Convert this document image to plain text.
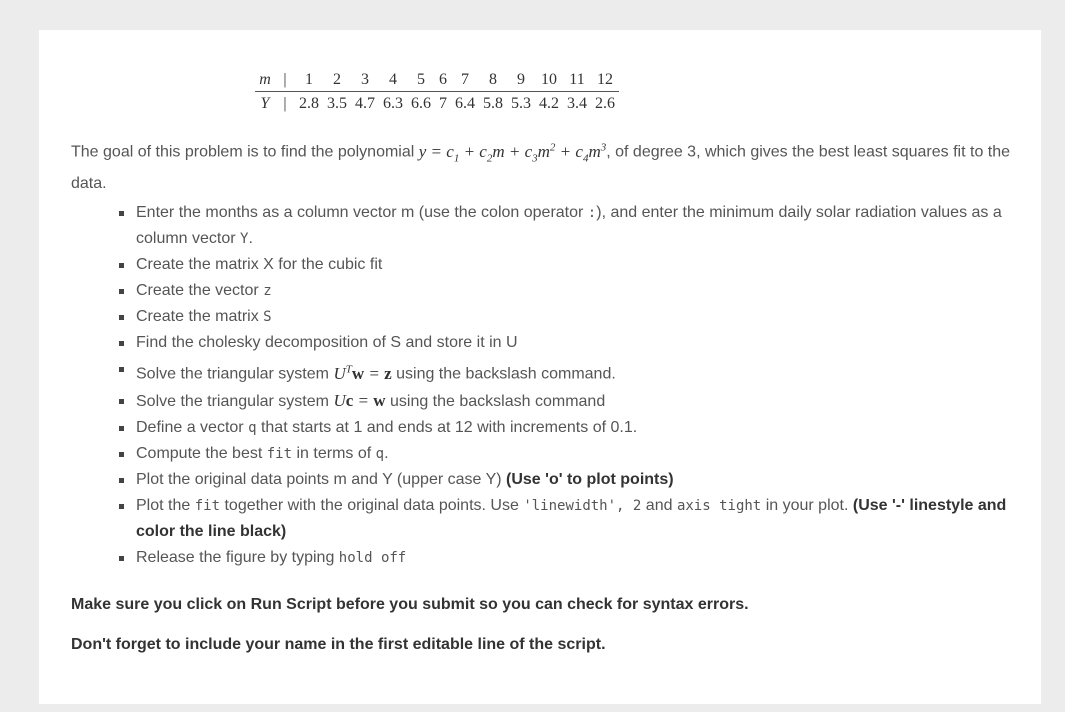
m	|	1	2	3	4	5	6	7	8	9	10	11	12
Y	|	2.8	3.5	4.7	6.3	6.6	7	6.4	5.8	5.3	4.2	3.4	2.6
The goal of this problem is to find the polynomial $y = c_1 + c_2m + c_3m^2 + c_4m^3$, of degree 3, which gives the best least squares fit to the data.
Enter the months as a column vector m (use the colon operator :), and enter the minimum daily solar radiation values as a column vector Y.
Create the matrix X for the cubic fit
Create the vector z
Create the matrix S
Find the cholesky decomposition of S and store it in U
Solve the triangular system $U^Tw = z$ using the backslash command.
Solve the triangular system Uc = w using the backslash command
Define a vector q that starts at 1 and ends at 12 with increments of 0.1.
Compute the best fit in terms of q.
Plot the original data points m and Y (upper case Y) (Use 'o' to plot points)
Plot the fit together with the original data points. Use 'linewidth', 2 and axis tight in your plot. (Use '-' linestyle and color the line black)
Release the figure by typing hold off
Make sure you click on Run Script before you submit so you can check for syntax errors.
Don't forget to include your name in the first editable line of the script.
